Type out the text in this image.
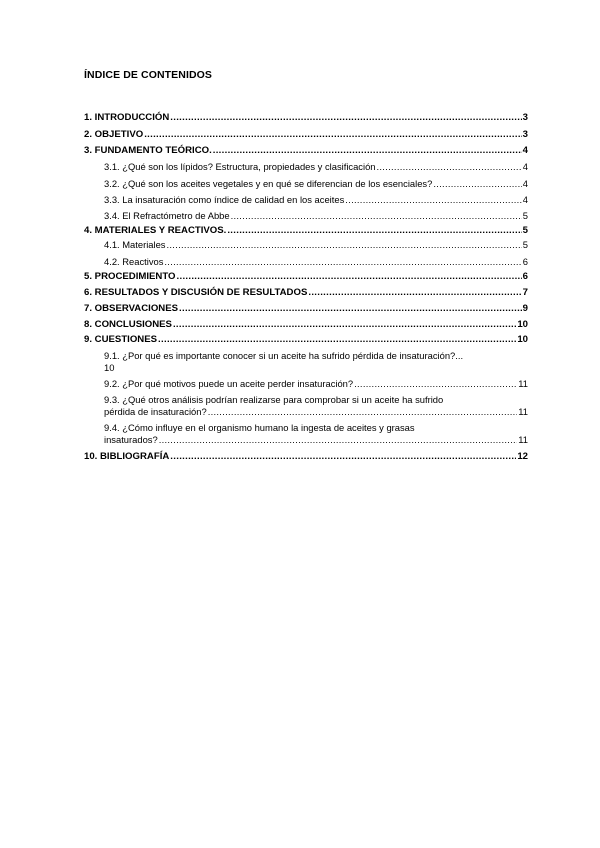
ÍNDICE DE CONTENIDOS
1. INTRODUCCIÓN .....	3
2. OBJETIVO .....	3
3. FUNDAMENTO TEÓRICO. .....	4
3.1. ¿Qué son los lípidos? Estructura, propiedades y clasificación .....	4
3.2. ¿Qué son los aceites vegetales y en qué se diferencian de los esenciales? .....	4
3.3. La insaturación como índice de calidad en los aceites .....	4
3.4. El Refractómetro de Abbe .....	5
4. MATERIALES Y REACTIVOS. .....	5
4.1. Materiales .....	5
4.2. Reactivos .....	6
5. PROCEDIMIENTO .....	6
6. RESULTADOS Y DISCUSIÓN DE RESULTADOS .....	7
7. OBSERVACIONES .....	9
8. CONCLUSIONES .....	10
9. CUESTIONES .....	10
9.1. ¿Por qué es importante conocer si un aceite ha sufrido pérdida de insaturación?...
10
9.2. ¿Por qué motivos puede un aceite perder insaturación? .....	11
9.3. ¿Qué otros análisis podrían realizarse para comprobar si un aceite ha sufrido
pérdida de insaturación? .....	11
9.4. ¿Cómo influye en el organismo humano la ingesta de aceites y grasas
insaturados? .....	11
10. BIBLIOGRAFÍA .....	12
